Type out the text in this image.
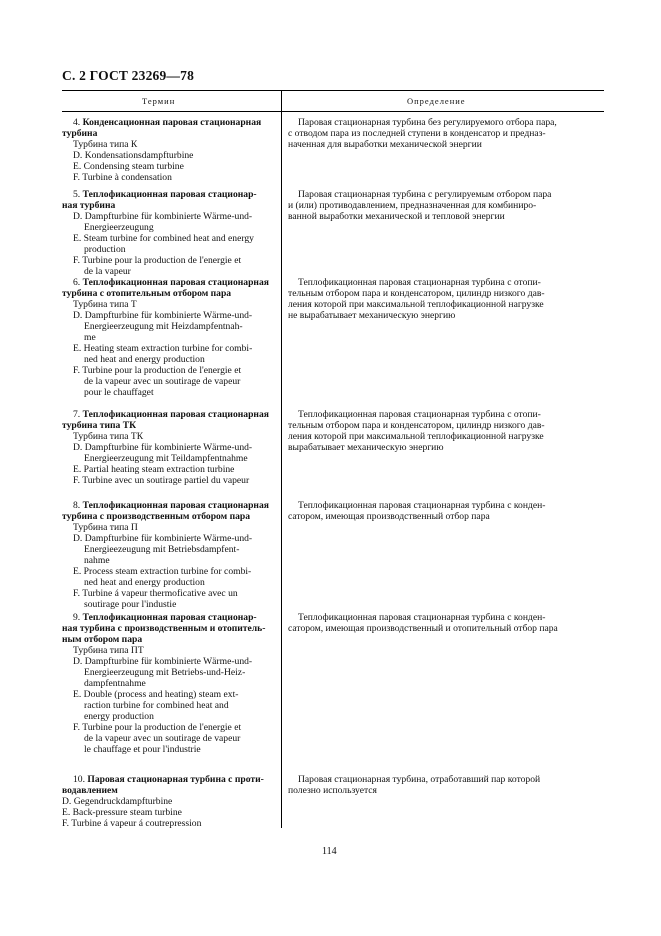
С. 2 ГОСТ 23269—78
Термин	Определение
4. Конденсационная паровая стационарная
турбина
Турбина типа К
D. Kondensationsdampfturbine
E. Condensing steam turbine
F. Turbine à condensation
Паровая стационарная турбина без регулируемого отбора пара,
с отводом пара из последней ступени в конденсатор и предназ-
наченная для выработки механической энергии
5. Теплофикационная паровая стационар-
ная турбина
D. Dampfturbine für kombinierte Wärme-und-
Energieerzeugung
E. Steam turbine for combined heat and energy
production
F. Turbine pour la production de l'energie et
de la vapeur
Паровая стационарная турбина с регулируемым отбором пара
и (или) противодавлением, предназначенная для комбиниро-
ванной выработки механической и тепловой энергии
6. Теплофикационная паровая стационарная
турбина с отопительным отбором пара
Турбина типа Т
D. Dampfturbine für kombinierte Wärme-und-
Energieerzeugung mit Heizdampfentnah-
me
E. Heating steam extraction turbine for combi-
ned heat and energy production
F. Turbine pour la production de l'energie et
de la vapeur avec un soutirage de vapeur
pour le chauffaget
Теплофикационная паровая стационарная турбина с отопи-
тельным отбором пара и конденсатором, цилиндр низкого дав-
ления которой при максимальной теплофикационной нагрузке
не вырабатывает механическую энергию
7. Теплофикационная паровая стационарная
турбина типа ТК
Турбина типа ТК
D. Dampfturbine für kombinierte Wärme-und-
Energieerzeugung mit Teildampfentnahme
E. Partial heating steam extraction turbine
F. Turbine avec un soutirage partiel du vapeur
Теплофикационная паровая стационарная турбина с отопи-
тельным отбором пара и конденсатором, цилиндр низкого дав-
ления которой при максимальной теплофикационной нагрузке
вырабатывает механическую энергию
8. Теплофикационная паровая стационарная
турбина с производственным отбором пара
Турбина типа П
D. Dampfturbine für kombinierte Wärme-und-
Energieezeugung mit Betriebsdampfent-
nahme
E. Process steam extraction turbine for combi-
ned heat and energy production
F. Turbine á vapeur thermoficative avec un
soutirage pour l'industie
Теплофикационная паровая стационарная турбина с конден-
сатором, имеющая производственный отбор пара
9. Теплофикационная паровая стационар-
ная турбина с производственным и отопитель-
ным отбором пара
Турбина типа ПТ
D. Dampfturbine für kombinierte Wärme-und-
Energieerzeugung mit Betriebs-und-Heiz-
dampfentnahme
E. Double (process and heating) steam ext-
raction turbine for combined heat and
energy production
F. Turbine pour la production de l'energie et
de la vapeur avec un soutirage de vapeur
le chauffage et pour l'industrie
Теплофикационная паровая стационарная турбина с конден-
сатором, имеющая производственный и отопительный отбор пара
10. Паровая стационарная турбина с проти-
водавлением
D. Gegendruckdampfturbine
E. Back-pressure steam turbine
F. Turbine á vapeur á coutrepression
Паровая стационарная турбина, отработавший пар которой
полезно используется
114
